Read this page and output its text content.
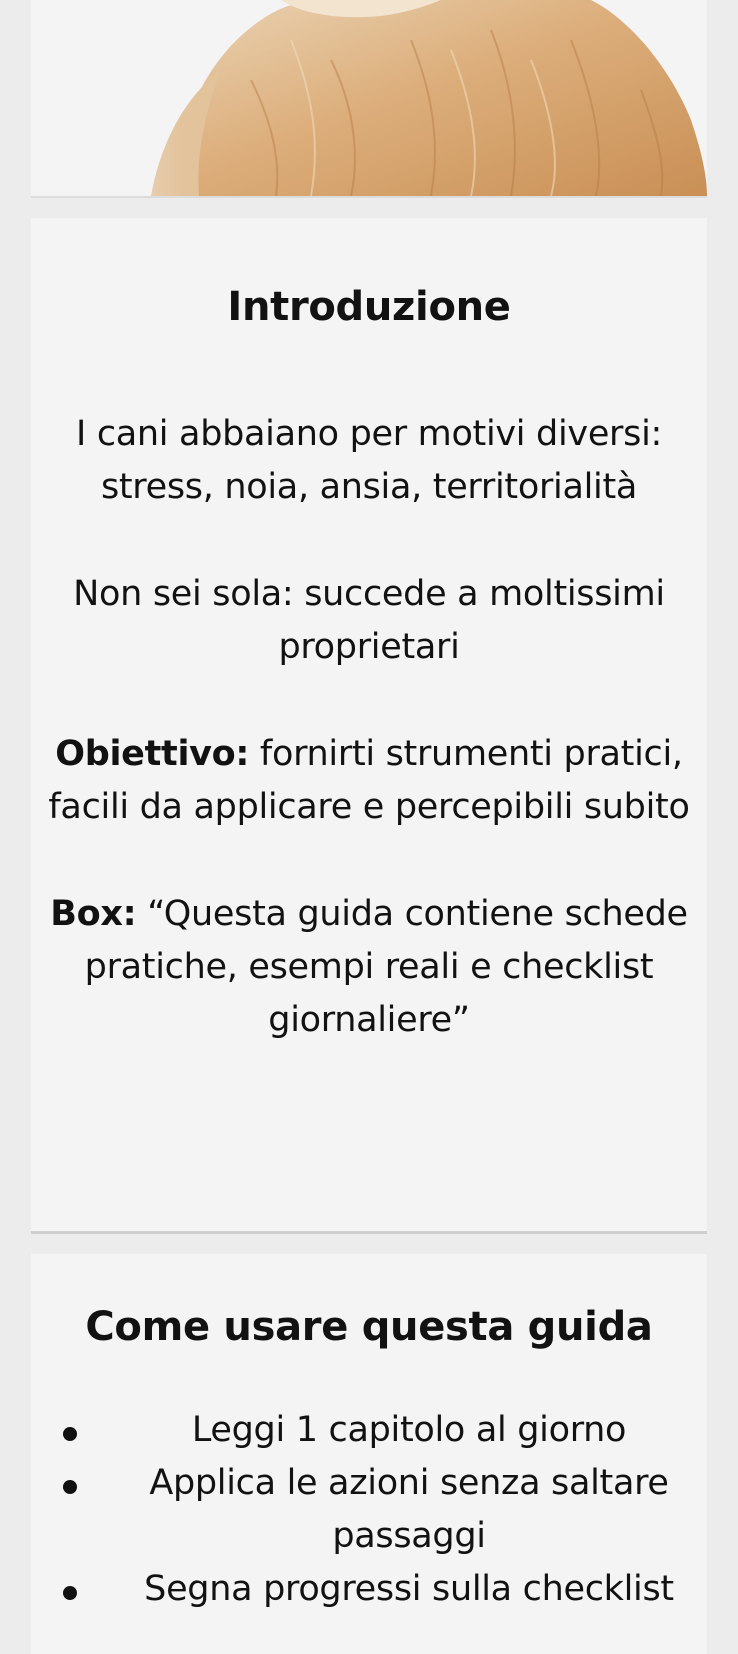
Introduzione

I cani abbaiano per motivi diversi: stress, noia, ansia, territorialità

Non sei sola: succede a moltissimi proprietari

Obiettivo: fornirti strumenti pratici, facili da applicare e percepibili subito

Box: “Questa guida contiene schede pratiche, esempi reali e checklist giornaliere”

Come usare questa guida
Leggi 1 capitolo al giorno
Applica le azioni senza saltare passaggi
Segna progressi sulla checklist
